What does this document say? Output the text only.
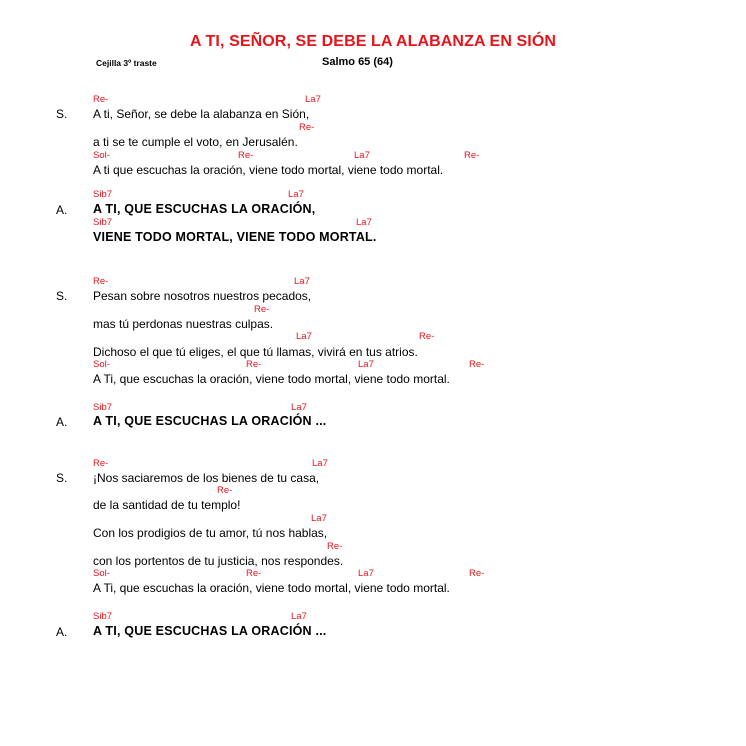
A TI, SEÑOR, SE DEBE LA ALABANZA EN SIÓN
Cejilla 3º traste	Salmo 65 (64)
S.
Re-	La7
A ti, Señor, se debe la alabanza en Sión,
Re-
a ti se te cumple el voto, en Jerusalén.
Sol-	Re-	La7	Re-
A ti que escuchas la oración, viene todo mortal, viene todo mortal.
A.
Sib7	La7
A TI, QUE ESCUCHAS LA ORACIÓN,
Sib7	La7
VIENE TODO MORTAL, VIENE TODO MORTAL.
S.
Re-	La7
Pesan sobre nosotros nuestros pecados,
Re-
mas tú perdonas nuestras culpas.
La7	Re-
Dichoso el que tú eliges, el que tú llamas, vivirá en tus atrios.
Sol-	Re-	La7	Re-
A Ti, que escuchas la oración, viene todo mortal, viene todo mortal.
A.
Sib7	La7
A TI, QUE ESCUCHAS LA ORACIÓN ...
S.
Re-	La7
¡Nos saciaremos de los bienes de tu casa,
Re-
de la santidad de tu templo!
La7
Con los prodigios de tu amor, tú nos hablas,
Re-
con los portentos de tu justicia, nos respondes.
Sol-	Re-	La7	Re-
A Ti, que escuchas la oración, viene todo mortal, viene todo mortal.
A.
Sib7	La7
A TI, QUE ESCUCHAS LA ORACIÓN ...
